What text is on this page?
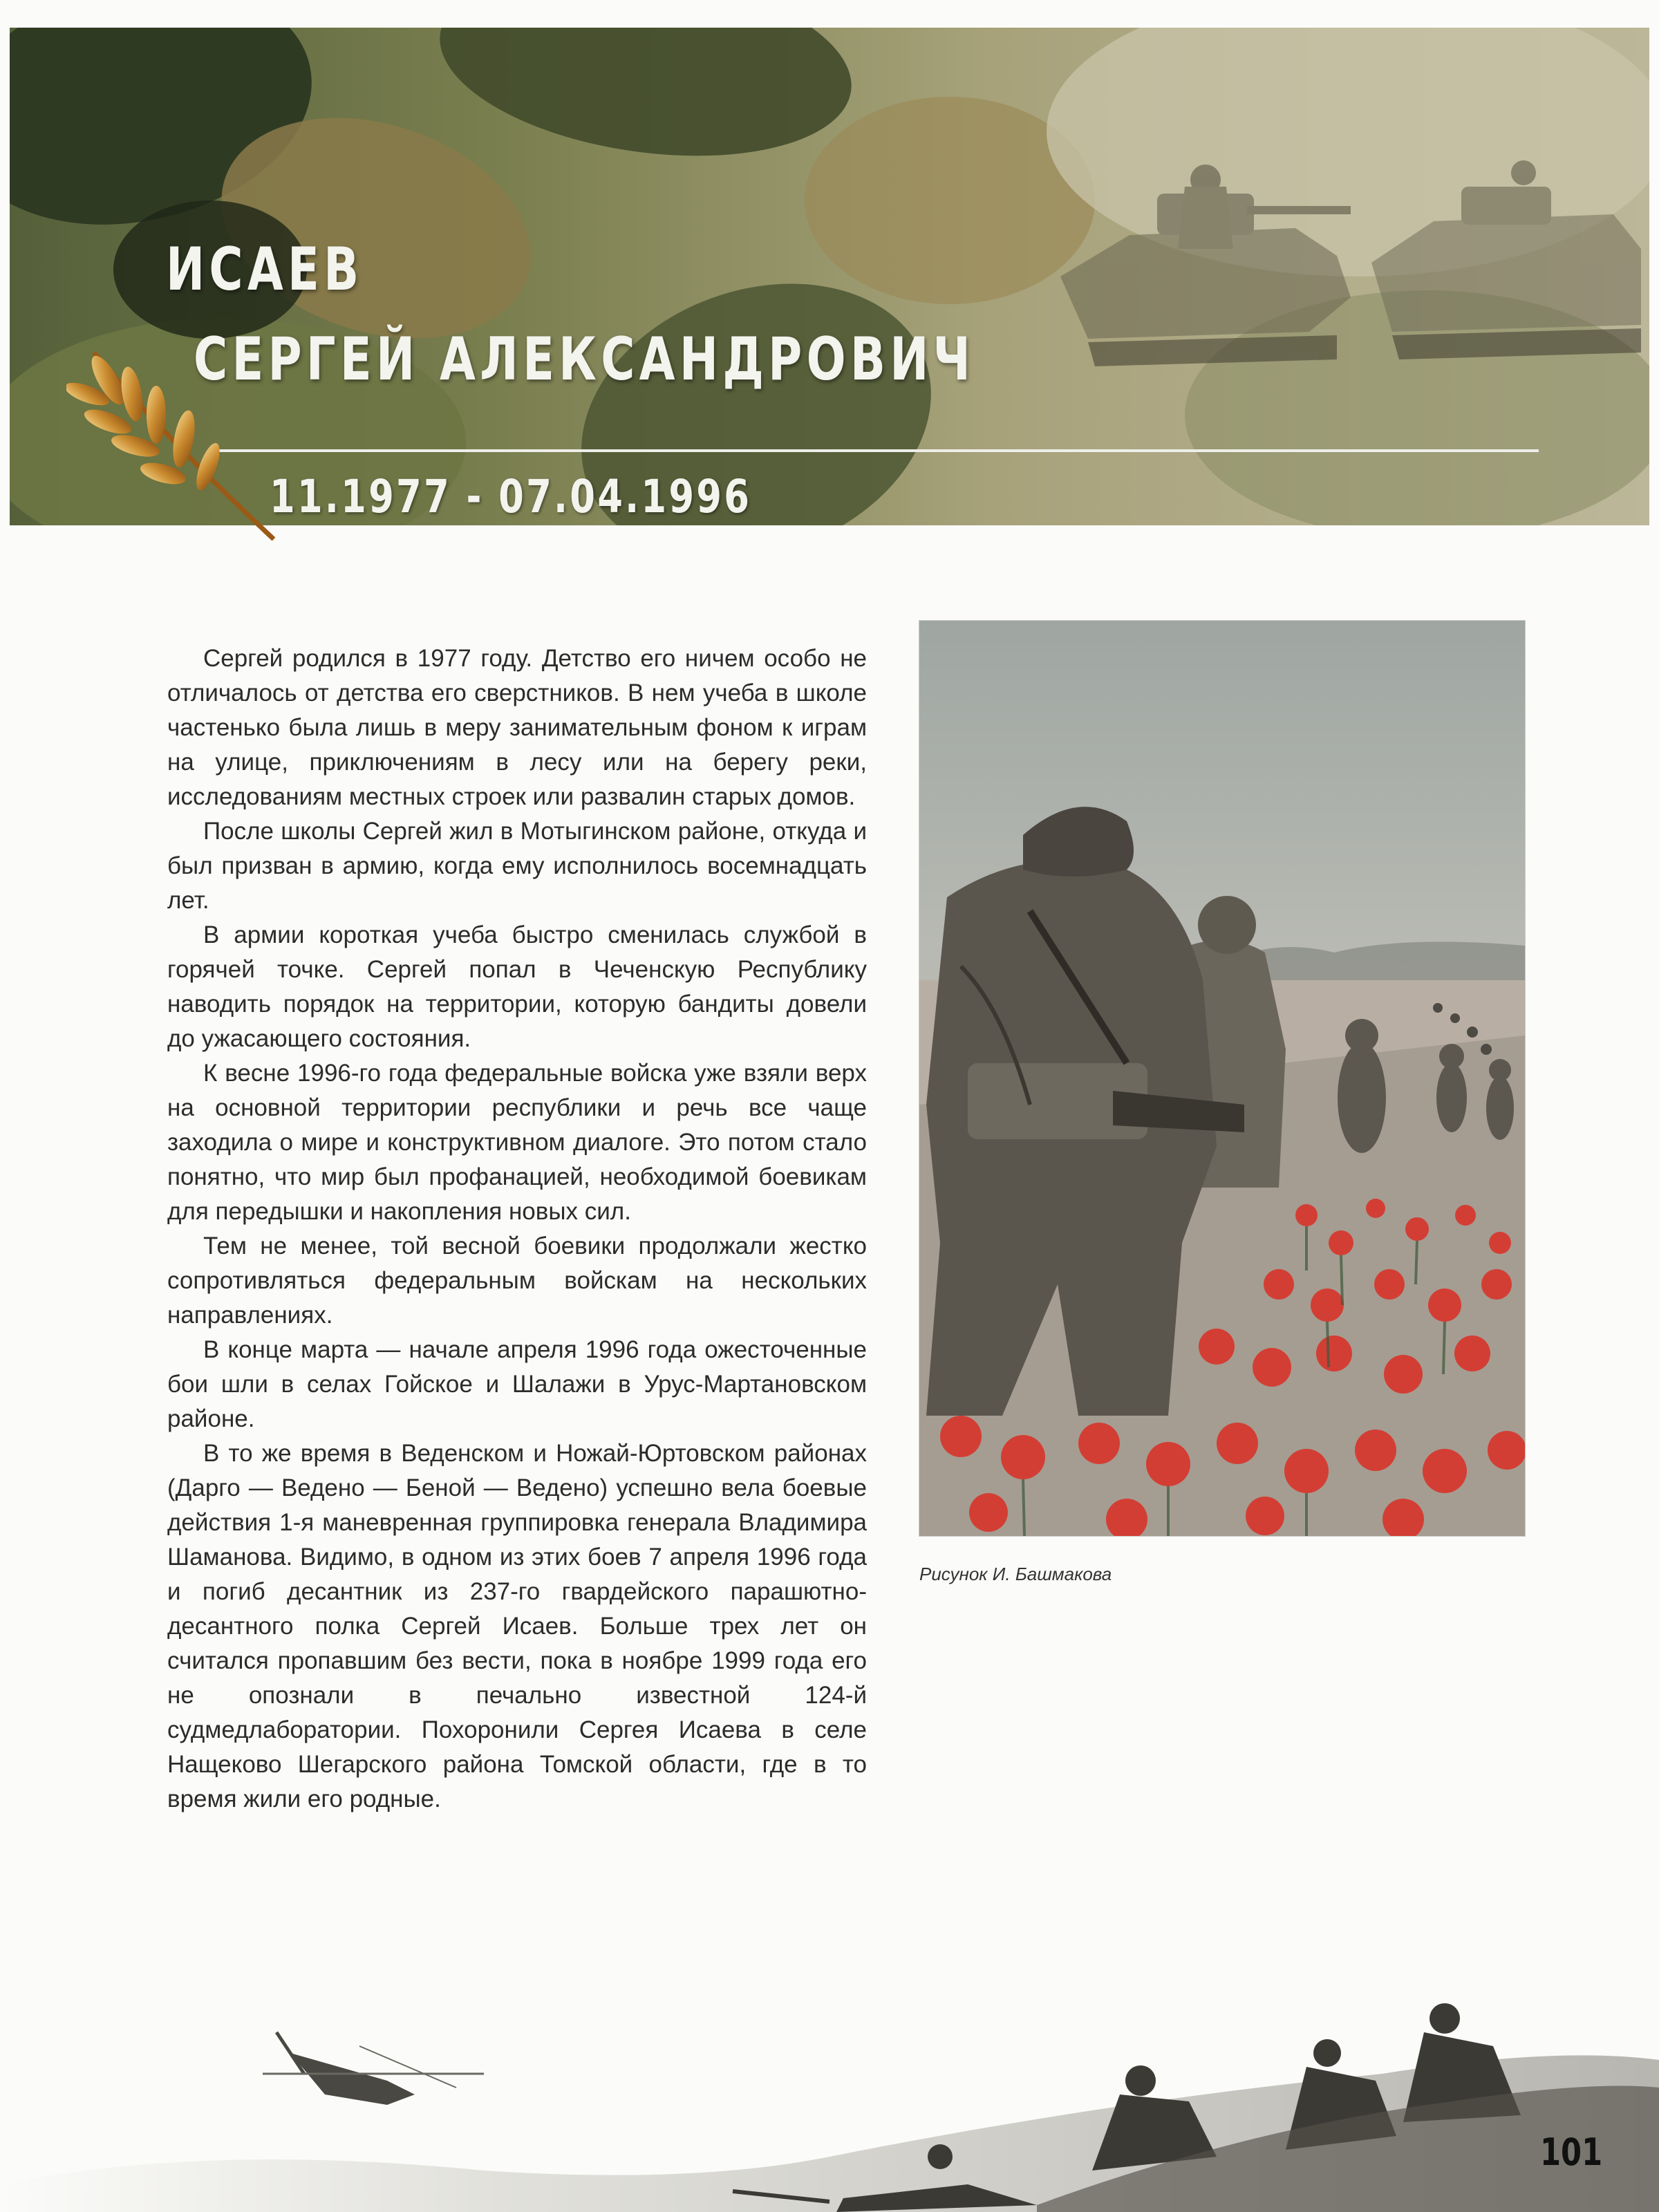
ИСАЕВ
СЕРГЕЙ АЛЕКСАНДРОВИЧ

11.1977 - 07.04.1996

Сергей родился в 1977 году. Детство его ничем особо не отличалось от детства его сверстников. В нем учеба в школе частенько была лишь в меру занимательным фоном к играм на улице, приключениям в лесу или на берегу реки, исследованиям местных строек или развалин старых домов.

После школы Сергей жил в Мотыгинском районе, откуда и был призван в армию, когда ему исполнилось восемнадцать лет.

В армии короткая учеба быстро сменилась службой в горячей точке. Сергей попал в Чеченскую Республику наводить порядок на территории, которую бандиты довели до ужасающего состояния.

К весне 1996-го года федеральные войска уже взяли верх на основной территории республики и речь все чаще заходила о мире и конструктивном диалоге. Это потом стало понятно, что мир был профанацией, необходимой боевикам для передышки и накопления новых сил.

Тем не менее, той весной боевики продолжали жестко сопротивляться федеральным войскам на нескольких направлениях.

В конце марта — начале апреля 1996 года ожесточенные бои шли в селах Гойское и Шалажи в Урус-Мартановском районе.

В то же время в Веденском и Ножай-Юртовском районах (Дарго — Ведено — Беной — Ведено) успешно вела боевые действия 1-я маневренная группировка генерала Владимира Шаманова. Видимо, в одном из этих боев 7 апреля 1996 года и погиб десантник из 237-го гвардейского парашютно-десантного полка Сергей Исаев. Больше трех лет он считался пропавшим без вести, пока в ноябре 1999 года его не опознали в печально известной 124-й судмедлаборатории. Похоронили Сергея Исаева в селе Нащеково Шегарского района Томской области, где в то время жили его родные.

Рисунок И. Башмакова

101
